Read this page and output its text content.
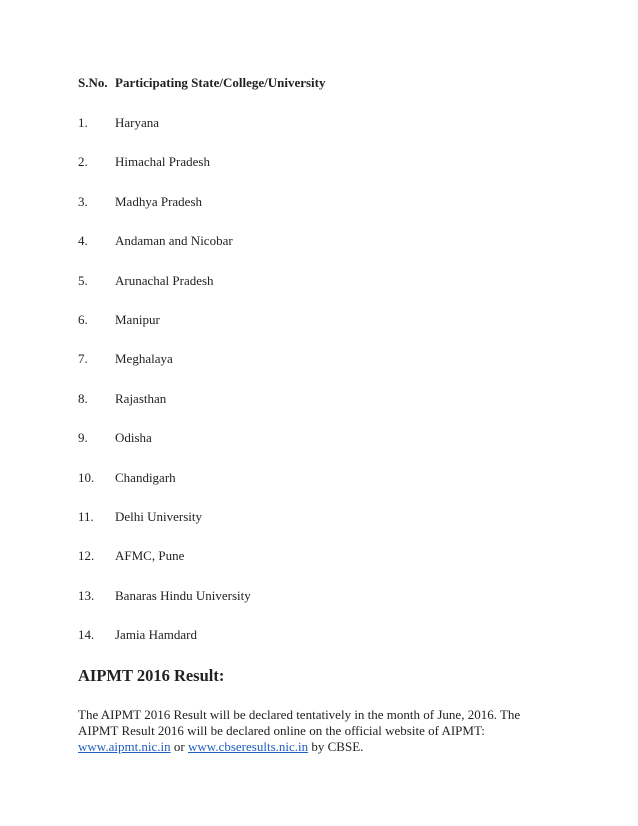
S.No. Participating State/College/University
1. Haryana
2. Himachal Pradesh
3. Madhya Pradesh
4. Andaman and Nicobar
5. Arunachal Pradesh
6. Manipur
7. Meghalaya
8. Rajasthan
9. Odisha
10. Chandigarh
11. Delhi University
12. AFMC, Pune
13. Banaras Hindu University
14. Jamia Hamdard
AIPMT 2016 Result:

The AIPMT 2016 Result will be declared tentatively in the month of June, 2016. The AIPMT Result 2016 will be declared online on the official website of AIPMT:
www.aipmt.nic.in or www.cbseresults.nic.in by CBSE.
